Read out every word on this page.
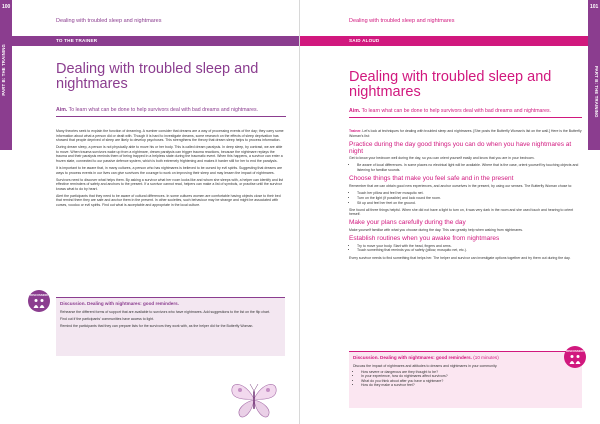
100
PART B: THE TRAINING
Dealing with troubled sleep and nightmares
TO THE TRAINER
Dealing with troubled sleep and nightmares
Aim. To learn what can be done to help survivors deal with bad dreams and nightmares.

Many theories seek to explain the function of dreaming. A number consider that dreams are a way of processing events of the day; they carry some information about what a person did or dealt with. Though it is hard to investigate dreams, some research on the effects of sleep deprivation has showed that people deprived of sleep are likely to develop psychoses. This strengthens the theory that dream sleep helps to process information.

During dream sleep, a person is not physically able to move his or her body. This is called dream paralysis. In deep sleep, by contrast, we are able to move. When trauma survivors wake up from a nightmare, dream paralysis can trigger trauma reactions, because the nightmare replays the trauma and their paralysis reminds them of being trapped in a helpless state during the traumatic event. When this happens, a survivor can enter a frozen state, connected to our passive defence system, which is both extremely frightening and makes it harder still for her to end the paralysis.

It is important to be aware that, in many cultures, a person who has nightmares is believed to be cursed by evil spirits. Suggesting that dreams are ways to process events in our lives can give survivors the courage to work on improving their sleep and may lessen the impact of nightmares.

Survivors need to discover what helps them. By asking a survivor what her room looks like and whom she sleeps with, a helper can identify and list effective reminders of safety and anchors to the present. If a survivor cannot read, helpers can make a list of symbols, or practise until the survivor knows what to do by heart.

Alert the participants that they need to be aware of cultural differences. In some cultures women are comfortable having objects close to their bed that remind them they are safe and anchor them in the present. In other societies, such behaviour may be strange and might be associated with curses, voodoo or evil spirits. Find out what is acceptable and appropriate in the local culture.

Discussion. Dealing with nightmares: good reminders.

Rehearse the different forms of support that are available to survivors who have nightmares. Add suggestions to the list on the flip chart.

Find out if the participants' communities have access to light.

Remind the participants that they can prepare lists for the survivors they work with, as the helper did for the Butterfly Woman.

DISCUSSION
101
PART B: THE TRAINING
Dealing with troubled sleep and nightmares
SAID ALOUD
Dealing with troubled sleep and nightmares
Aim. To learn what can be done to help survivors deal with bad dreams and nightmares.

Trainer. Let's look at techniques for dealing with troubled sleep and nightmares. [She posts the Butterfly Woman's list on the wall.] Here is the Butterfly Woman's list:

Practice during the day good things you can do when you have nightmares at night

Get to know your bedroom well during the day, so you can orient yourself easily and know that you are in your bedroom.

• Be aware of local differences. In some places no electrical light will be available. Where that is the case, orient yourself by touching objects and listening for familiar sounds.
Choose things that make you feel safe and in the present

Remember that we can obtain good new experiences, and anchor ourselves in the present, by using our senses. The Butterfly Woman chose to:

• Touch her pillow and feel her mosquito net.
• Turn on the light (if possible) and look round the room.
• Sit up and feel her feet on the ground.

She found all three things helpful. When she did not have a light to turn on, it was very dark in the room and she used touch and hearing to orient herself.

Make your plans carefully during the day

Make yourself familiar with what you choose during the day. This can greatly help when waking from nightmares.

Establish routines when you awake from nightmares
• Try to move your body. Start with the head, fingers and arms.
• Touch something that reminds you of safety (pillow, mosquito net, etc.).

Every survivor needs to find something that helps her. The helper and survivor can investigate options together and try them out during the day.

Discussion. Dealing with nightmares: good reminders. (10 minutes)

Discuss the impact of nightmares and attitudes to dreams and nightmares in your community.

• How severe or dangerous are they thought to be?
• In your experience, how do nightmares affect survivors?
• What do you think about after you have a nightmare?
• How do they make a survivor feel?
DISCUSSION
